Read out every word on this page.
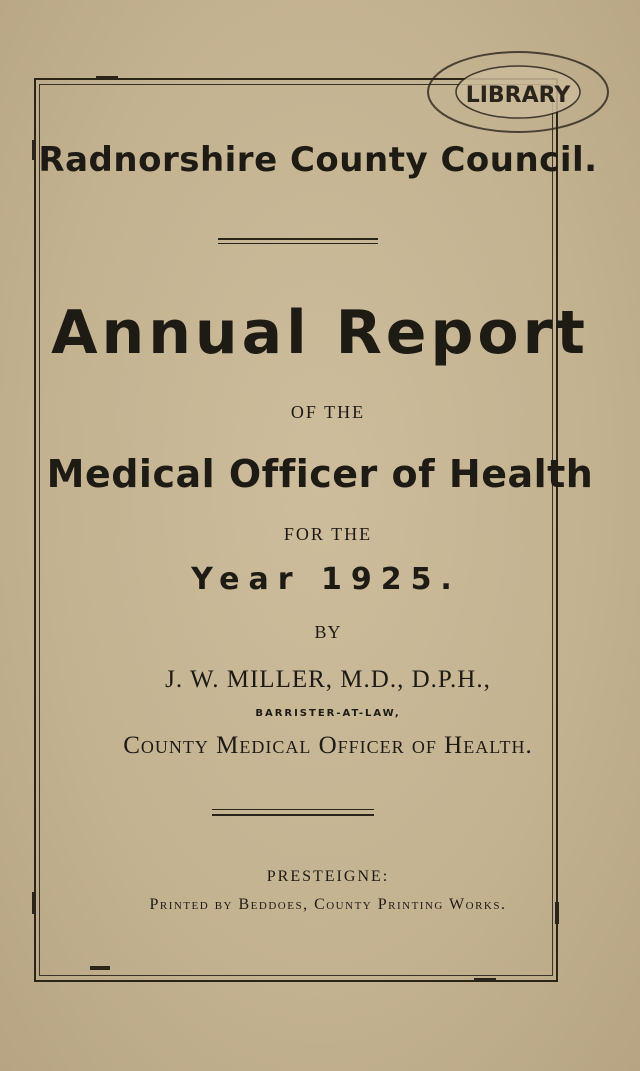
LIBRARY
Radnorshire County Council.
Annual Report
OF THE
Medical Officer of Health
FOR THE
Year 1925.
BY
J. W. MILLER, M.D., D.P.H.,
BARRISTER-AT-LAW,
County Medical Officer of Health.
PRESTEIGNE:
Printed by Beddoes, County Printing Works.
